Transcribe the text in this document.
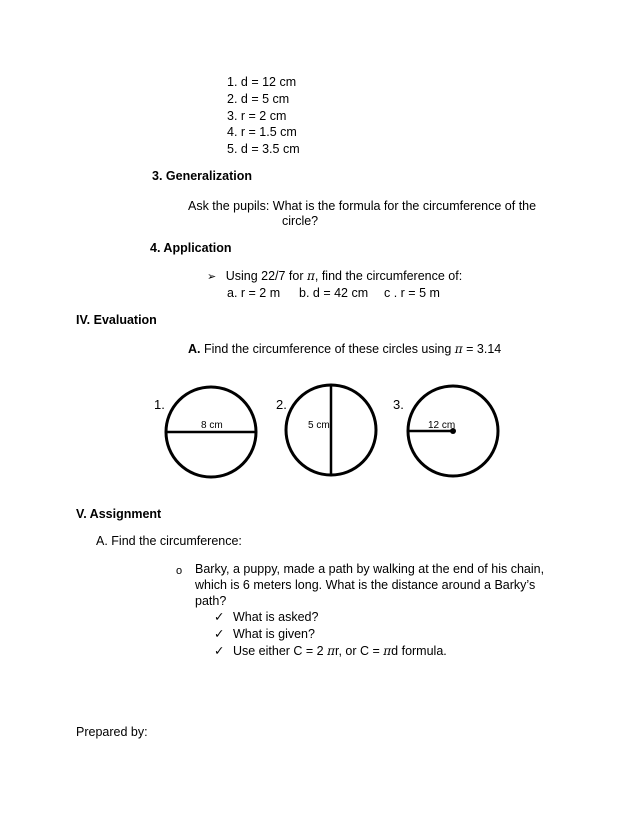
1. d = 12 cm
2. d = 5 cm
3. r = 2 cm
4. r = 1.5 cm
5. d = 3.5 cm
3. Generalization
Ask the pupils: What is the formula for the circumference of the
circle?
4. Application
➢ Using 22/7 for π, find the circumference of:
a. r = 2 m b. d = 42 cm c . r = 5 m
IV. Evaluation
A. Find the circumference of these circles using π = 3.14
1.
8 cm
2.
5 cm
3.
12 cm
V. Assignment
A. Find the circumference:
o Barky, a puppy, made a path by walking at the end of his chain,
which is 6 meters long. What is the distance around a Barky’s
path?
✓ What is asked?
✓ What is given?
✓ Use either C = 2 πr, or C = πd formula.
Prepared by:
